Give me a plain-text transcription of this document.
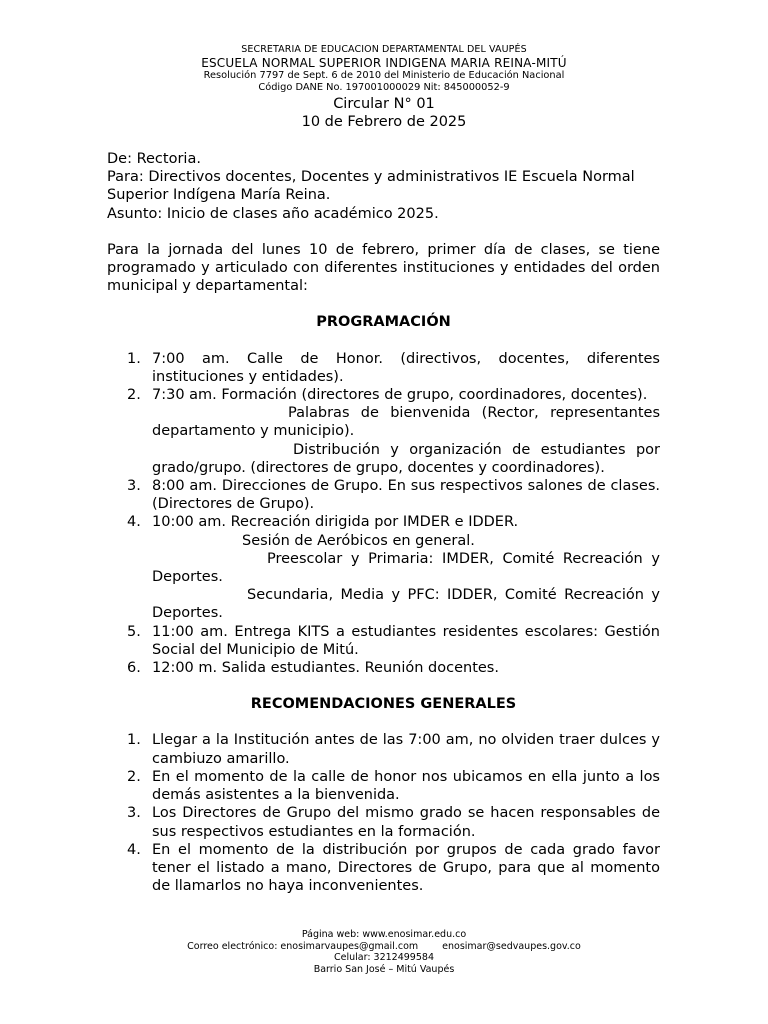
SECRETARIA DE EDUCACION DEPARTAMENTAL DEL VAUPÉS
ESCUELA NORMAL SUPERIOR INDIGENA MARIA REINA-MITÚ
Resolución 7797 de Sept. 6 de 2010 del Ministerio de Educación Nacional
Código DANE No. 197001000029 Nit: 845000052-9
Circular N° 01
10 de Febrero de 2025

De: Rectoria.

Para: Directivos docentes, Docentes y administrativos IE Escuela Normal Superior Indígena María Reina.

Asunto: Inicio de clases año académico 2025.

Para la jornada del lunes 10 de febrero, primer día de clases, se tiene programado y articulado con diferentes instituciones y entidades del orden municipal y departamental:

PROGRAMACIÓN

1. 7:00 am. Calle de Honor. (directivos, docentes, diferentes instituciones y entidades).
2. 7:30 am. Formación (directores de grupo, coordinadores, docentes).
Palabras de bienvenida (Rector, representantes departamento y municipio).
Distribución y organización de estudiantes por grado/grupo. (directores de grupo, docentes y coordinadores).
3. 8:00 am. Direcciones de Grupo. En sus respectivos salones de clases. (Directores de Grupo).
4. 10:00 am. Recreación dirigida por IMDER e IDDER.
Sesión de Aeróbicos en general.
Preescolar y Primaria: IMDER, Comité Recreación y Deportes.
Secundaria, Media y PFC: IDDER, Comité Recreación y Deportes.
5. 11:00 am. Entrega KITS a estudiantes residentes escolares: Gestión Social del Municipio de Mitú.
6. 12:00 m. Salida estudiantes. Reunión docentes.

RECOMENDACIONES GENERALES

1. Llegar a la Institución antes de las 7:00 am, no olviden traer dulces y cambiuzo amarillo.
2. En el momento de la calle de honor nos ubicamos en ella junto a los demás asistentes a la bienvenida.
3. Los Directores de Grupo del mismo grado se hacen responsables de sus respectivos estudiantes en la formación.
4. En el momento de la distribución por grupos de cada grado favor tener el listado a mano, Directores de Grupo, para que al momento de llamarlos no haya inconvenientes.
Página web: www.enosimar.edu.co
Correo electrónico: enosimarvaupes@gmail.com	enosimar@sedvaupes.gov.co
Celular: 3212499584
Barrio San José – Mitú Vaupés
